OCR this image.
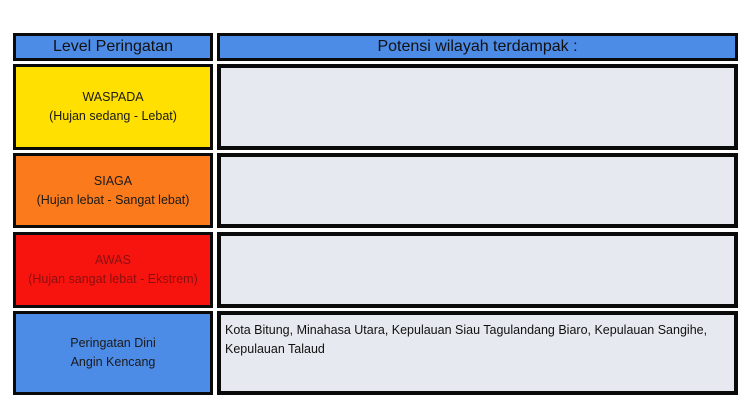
Level Peringatan	Potensi wilayah terdampak :
WASPADA
(Hujan sedang - Lebat)
SIAGA
(Hujan lebat - Sangat lebat)
AWAS
(Hujan sangat lebat - Ekstrem)
Peringatan Dini
Angin Kencang
Kota Bitung, Minahasa Utara, Kepulauan Siau Tagulandang Biaro, Kepulauan Sangihe, Kepulauan Talaud
